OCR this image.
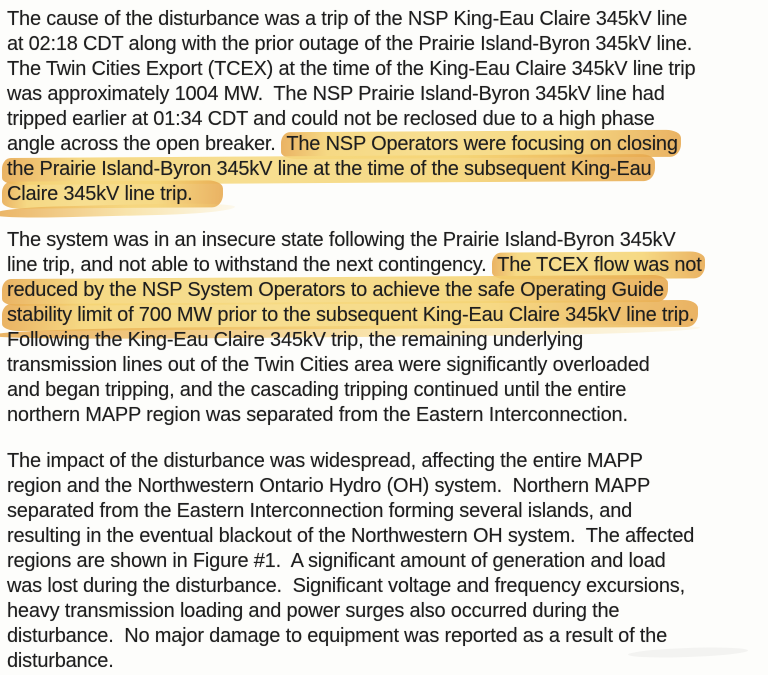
The cause of the disturbance was a trip of the NSP King-Eau Claire 345kV line
at 02:18 CDT along with the prior outage of the Prairie Island-Byron 345kV line.
The Twin Cities Export (TCEX) at the time of the King-Eau Claire 345kV line trip
was approximately 1004 MW.  The NSP Prairie Island-Byron 345kV line had
tripped earlier at 01:34 CDT and could not be reclosed due to a high phase
angle across the open breaker.  The NSP Operators were focusing on closing
the Prairie Island-Byron 345kV line at the time of the subsequent King-Eau
Claire 345kV line trip.
The system was in an insecure state following the Prairie Island-Byron 345kV
line trip, and not able to withstand the next contingency.  The TCEX flow was not
reduced by the NSP System Operators to achieve the safe Operating Guide
stability limit of 700 MW prior to the subsequent King-Eau Claire 345kV line trip.
Following the King-Eau Claire 345kV trip, the remaining underlying
transmission lines out of the Twin Cities area were significantly overloaded
and began tripping, and the cascading tripping continued until the entire
northern MAPP region was separated from the Eastern Interconnection.
The impact of the disturbance was widespread, affecting the entire MAPP
region and the Northwestern Ontario Hydro (OH) system.  Northern MAPP
separated from the Eastern Interconnection forming several islands, and
resulting in the eventual blackout of the Northwestern OH system.  The affected
regions are shown in Figure #1.  A significant amount of generation and load
was lost during the disturbance.  Significant voltage and frequency excursions,
heavy transmission loading and power surges also occurred during the
disturbance.  No major damage to equipment was reported as a result of the
disturbance.
